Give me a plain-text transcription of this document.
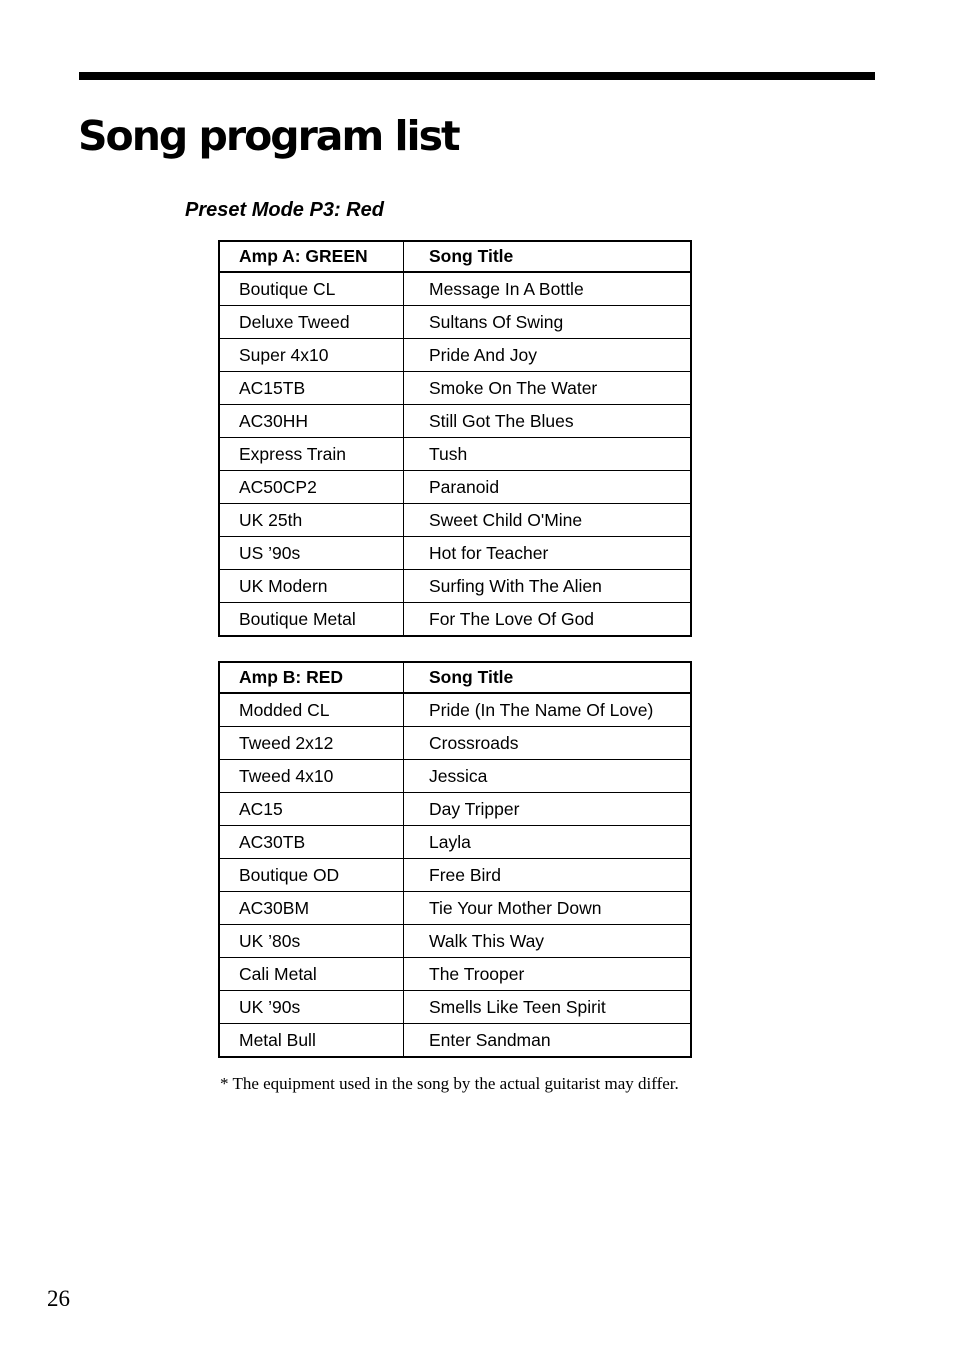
Song program list
Preset Mode P3: Red
Amp A: GREEN	Song Title
Boutique CL	Message In A Bottle
Deluxe Tweed	Sultans Of Swing
Super 4x10	Pride And Joy
AC15TB	Smoke On The Water
AC30HH	Still Got The Blues
Express Train	Tush
AC50CP2	Paranoid
UK 25th	Sweet Child O'Mine
US ’90s	Hot for Teacher
UK Modern	Surfing With The Alien
Boutique Metal	For The Love Of God
Amp B: RED	Song Title
Modded CL	Pride (In The Name Of Love)
Tweed 2x12	Crossroads
Tweed 4x10	Jessica
AC15	Day Tripper
AC30TB	Layla
Boutique OD	Free Bird
AC30BM	Tie Your Mother Down
UK ’80s	Walk This Way
Cali Metal	The Trooper
UK ’90s	Smells Like Teen Spirit
Metal Bull	Enter Sandman

* The equipment used in the song by the actual guitarist may differ.

26
